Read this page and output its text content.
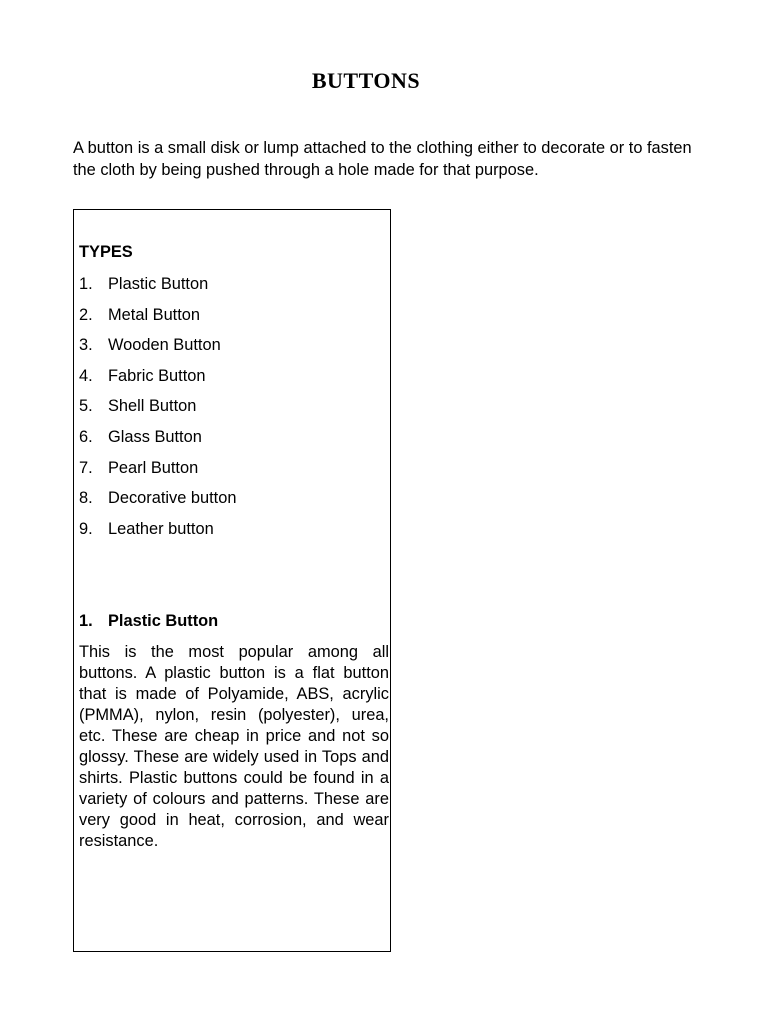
BUTTONS

A button is a small disk or lump attached to the clothing either to decorate or to fasten the cloth by being pushed through a hole made for that purpose.

TYPES

1. Plastic Button
2. Metal Button
3. Wooden Button
4. Fabric Button
5. Shell Button
6. Glass Button
7. Pearl Button
8. Decorative button
9. Leather button

1. Plastic Button

This is the most popular among all buttons. A plastic button is a flat button that is made of Polyamide, ABS, acrylic (PMMA), nylon, resin (polyester), urea, etc. These are cheap in price and not so glossy. These are widely used in Tops and shirts. Plastic buttons could be found in a variety of colours and patterns. These are very good in heat, corrosion, and wear resistance.
